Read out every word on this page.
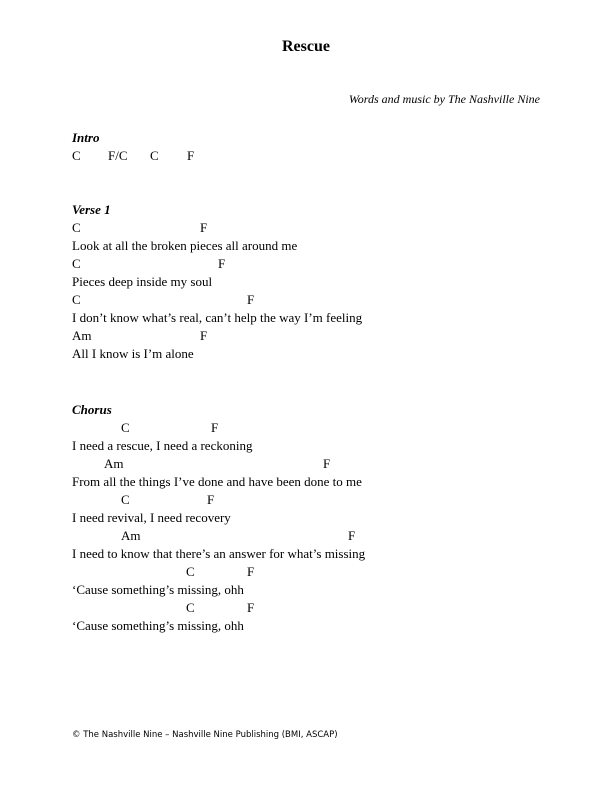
Rescue
Words and music by The Nashville Nine
Intro
C F/C C F
Verse 1
C	F
Look at all the broken pieces all around me
C	F
Pieces deep inside my soul
C	F
I don’t know what’s real, can’t help the way I’m feeling
Am	F
All I know is I’m alone
Chorus
C	F
I need a rescue, I need a reckoning
Am	F
From all the things I’ve done and have been done to me
C	F
I need revival, I need recovery
Am	F
I need to know that there’s an answer for what’s missing
C	F
‘Cause something’s missing, ohh
C	F
‘Cause something’s missing, ohh
© The Nashville Nine – Nashville Nine Publishing (BMI, ASCAP)
